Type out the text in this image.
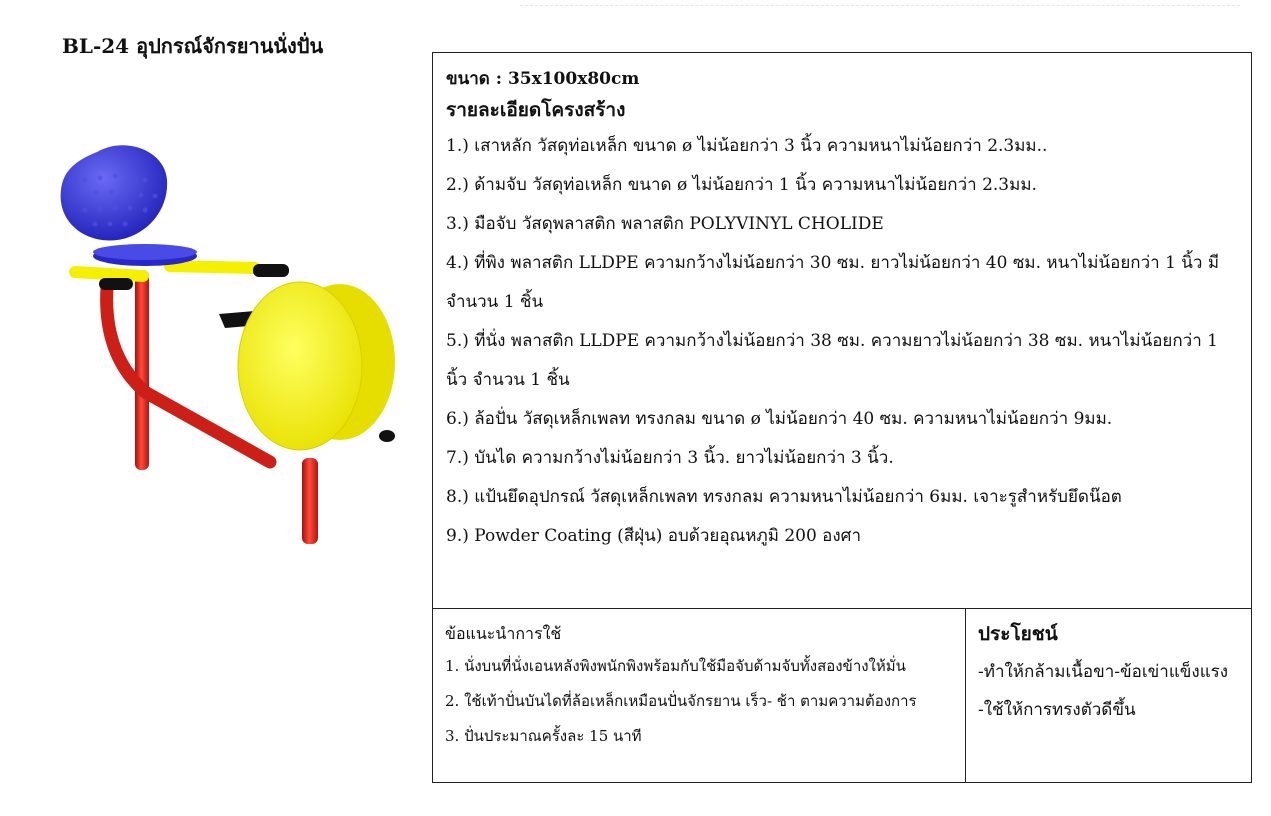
BL-24 อุปกรณ์จักรยานนั่งปั่น
ขนาด : 35x100x80cm
รายละเอียดโครงสร้าง
1.) เสาหลัก วัสดุท่อเหล็ก ขนาด ø ไม่น้อยกว่า 3 นิ้ว ความหนาไม่น้อยกว่า 2.3มม..
2.) ด้ามจับ วัสดุท่อเหล็ก ขนาด ø ไม่น้อยกว่า 1 นิ้ว ความหนาไม่น้อยกว่า 2.3มม.
3.) มือจับ วัสดุพลาสติก พลาสติก POLYVINYL CHOLIDE
4.) ที่พิง พลาสติก LLDPE ความกว้างไม่น้อยกว่า 30 ซม. ยาวไม่น้อยกว่า 40 ซม. หนาไม่น้อยกว่า 1 นิ้ว มีจำนวน 1 ชิ้น
5.) ที่นั่ง พลาสติก LLDPE ความกว้างไม่น้อยกว่า 38 ซม. ความยาวไม่น้อยกว่า 38 ซม. หนาไม่น้อยกว่า 1 นิ้ว จำนวน 1 ชิ้น
6.) ล้อปั่น วัสดุเหล็กเพลท ทรงกลม ขนาด ø ไม่น้อยกว่า 40 ซม. ความหนาไม่น้อยกว่า 9มม.
7.) บันได ความกว้างไม่น้อยกว่า 3 นิ้ว. ยาวไม่น้อยกว่า 3 นิ้ว.
8.) แป้นยึดอุปกรณ์ วัสดุเหล็กเพลท ทรงกลม ความหนาไม่น้อยกว่า 6มม. เจาะรูสำหรับยึดน๊อต
9.) Powder Coating (สีฝุ่น) อบด้วยอุณหภูมิ 200 องศา
ข้อแนะนำการใช้
1. นั่งบนที่นั่งเอนหลังพิงพนักพิงพร้อมกับใช้มือจับด้ามจับทั้งสองข้างให้มั่น
2. ใช้เท้าปั่นบันไดที่ล้อเหล็กเหมือนปั่นจักรยาน เร็ว- ช้า ตามความต้องการ
3. ปั่นประมาณครั้งละ 15 นาที
ประโยชน์
-ทำให้กล้ามเนื้อขา-ข้อเข่าแข็งแรง
-ใช้ให้การทรงตัวดีขึ้น
